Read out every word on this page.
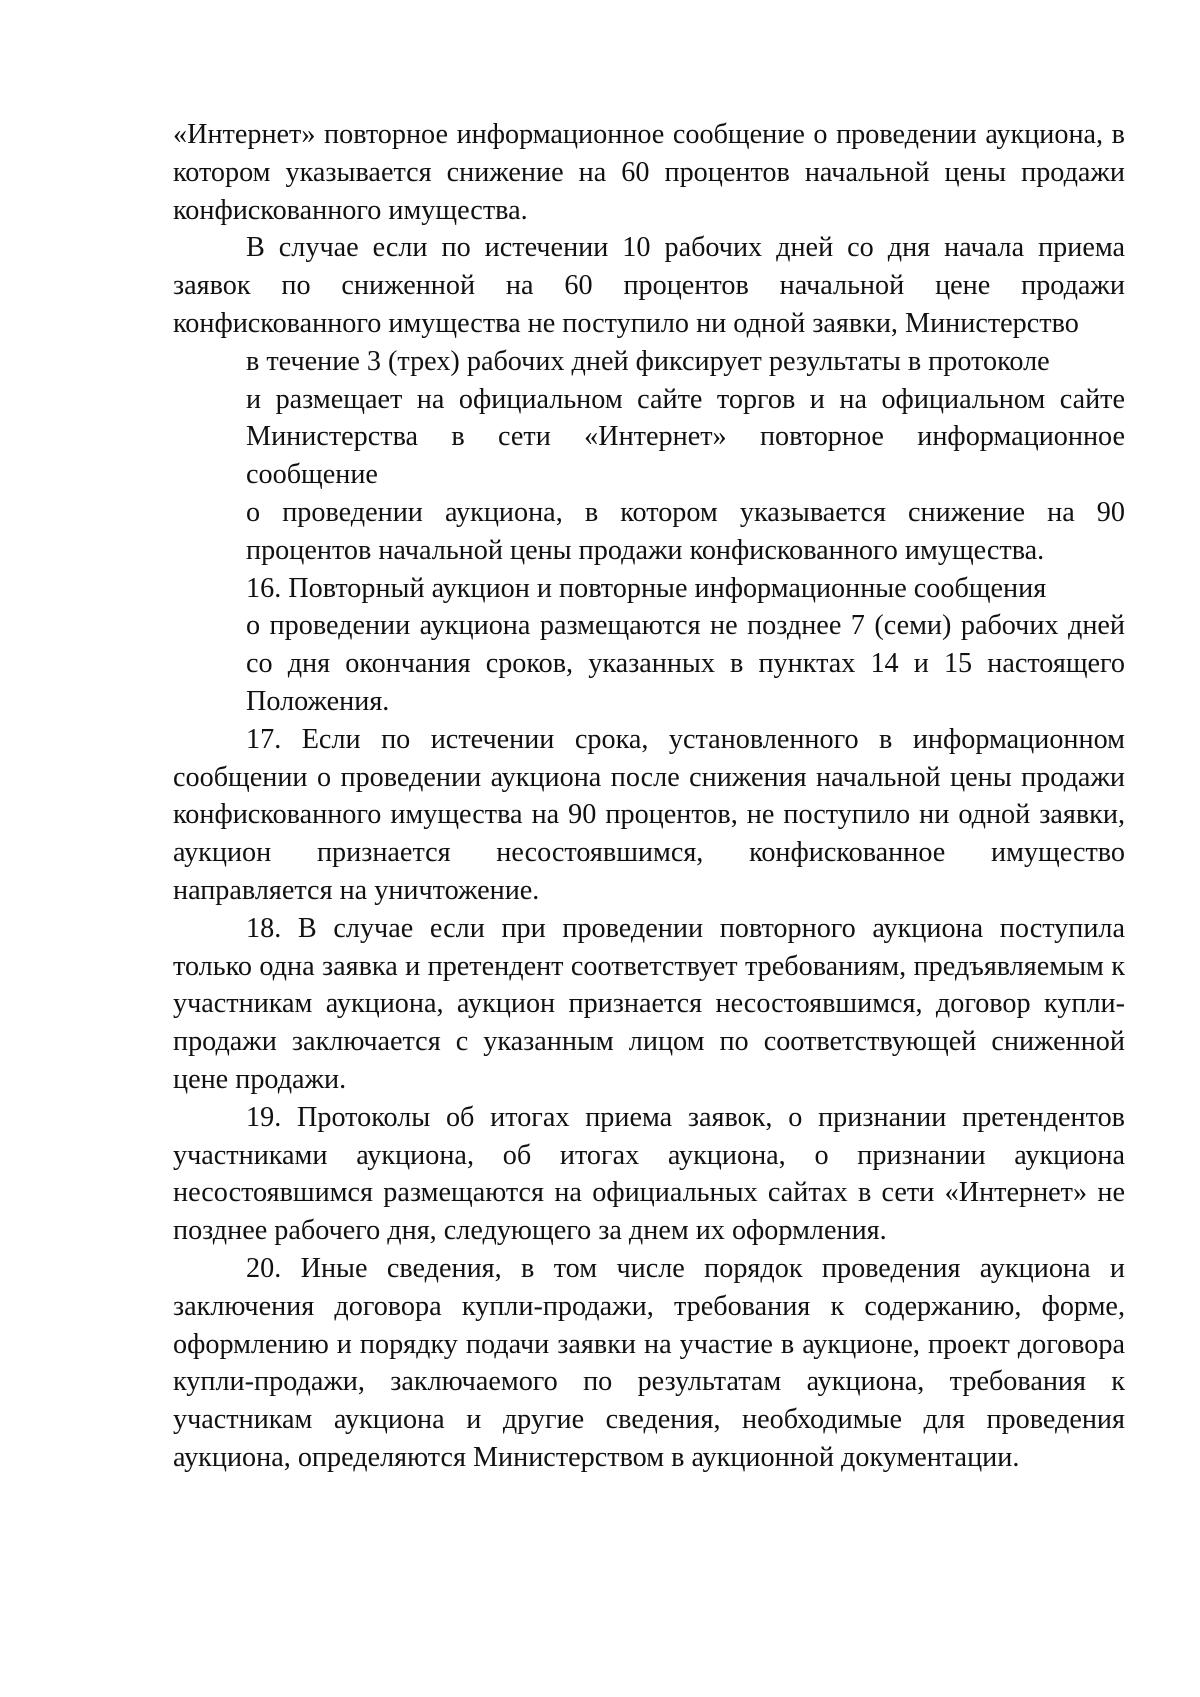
«Интернет» повторное информационное сообщение о проведении аукциона, в котором указывается снижение на 60 процентов начальной цены продажи конфискованного имущества.

В случае если по истечении 10 рабочих дней со дня начала приема заявок по сниженной на 60 процентов начальной цене продажи конфискованного имущества не поступило ни одной заявки, Министерство

в течение 3 (трех) рабочих дней фиксирует результаты в протоколе

и размещает на официальном сайте торгов и на официальном сайте Министерства в сети «Интернет» повторное информационное сообщение

о проведении аукциона, в котором указывается снижение на 90 процентов начальной цены продажи конфискованного имущества.

16. Повторный аукцион и повторные информационные сообщения

о проведении аукциона размещаются не позднее 7 (семи) рабочих дней со дня окончания сроков, указанных в пунктах 14 и 15 настоящего Положения.

17. Если по истечении срока, установленного в информационном сообщении о проведении аукциона после снижения начальной цены продажи конфискованного имущества на 90 процентов, не поступило ни одной заявки, аукцион признается несостоявшимся, конфискованное имущество направляется на уничтожение.

18. В случае если при проведении повторного аукциона поступила только одна заявка и претендент соответствует требованиям, предъявляемым к участникам аукциона, аукцион признается несостоявшимся, договор купли-продажи заключается с указанным лицом по соответствующей сниженной цене продажи.

19. Протоколы об итогах приема заявок, о признании претендентов участниками аукциона, об итогах аукциона, о признании аукциона несостоявшимся размещаются на официальных сайтах в сети «Интернет» не позднее рабочего дня, следующего за днем их оформления.

20. Иные сведения, в том числе порядок проведения аукциона и заключения договора купли-продажи, требования к содержанию, форме, оформлению и порядку подачи заявки на участие в аукционе, проект договора купли-продажи, заключаемого по результатам аукциона, требования к участникам аукциона и другие сведения, необходимые для проведения аукциона, определяются Министерством в аукционной документации.
